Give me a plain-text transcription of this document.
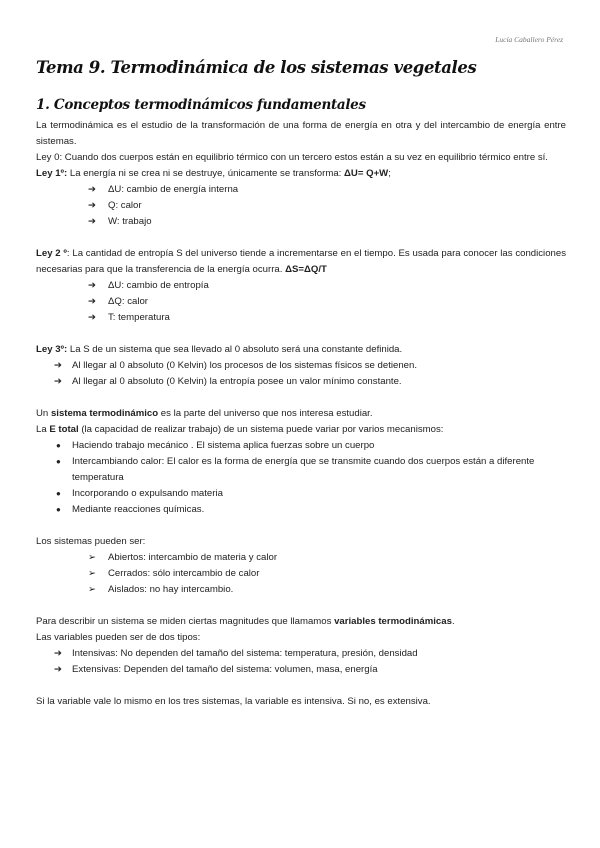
Lucía Caballero Pérez
Tema 9. Termodinámica de los sistemas vegetales
1. Conceptos termodinámicos fundamentales

La termodinámica es el estudio de la transformación de una forma de energía en otra y del intercambio de energía entre sistemas.

Ley 0: Cuando dos cuerpos están en equilibrio térmico con un tercero estos están a su vez en equilibrio térmico entre sí.

Ley 1º: La energía ni se crea ni se destruye, únicamente se transforma: ΔU= Q+W;

➔ ΔU: cambio de energía interna
➔ Q: calor
➔ W: trabajo

Ley 2 º: La cantidad de entropía S del universo tiende a incrementarse en el tiempo. Es usada para conocer las condiciones necesarias para que la transferencia de la energía ocurra. ΔS=ΔQ/T

➔ ΔU: cambio de entropía
➔ ΔQ: calor
➔ T: temperatura

Ley 3º: La S de un sistema que sea llevado al 0 absoluto será una constante definida.

➔ Al llegar al 0 absoluto (0 Kelvin) los procesos de los sistemas físicos se detienen.
➔ Al llegar al 0 absoluto (0 Kelvin) la entropía posee un valor mínimo constante.

Un sistema termodinámico es la parte del universo que nos interesa estudiar.

La E total (la capacidad de realizar trabajo) de un sistema puede variar por varios mecanismos:

● Haciendo trabajo mecánico . El sistema aplica fuerzas sobre un cuerpo
● Intercambiando calor: El calor es la forma de energía que se transmite cuando dos cuerpos están a diferente temperatura
● Incorporando o expulsando materia
● Mediante reacciones químicas.

Los sistemas pueden ser:

➢ Abiertos: intercambio de materia y calor
➢ Cerrados: sólo intercambio de calor
➢ Aislados: no hay intercambio.

Para describir un sistema se miden ciertas magnitudes que llamamos variables termodinámicas.

Las variables pueden ser de dos tipos:

➔ Intensivas: No dependen del tamaño del sistema: temperatura, presión, densidad
➔ Extensivas: Dependen del tamaño del sistema: volumen, masa, energía

Si la variable vale lo mismo en los tres sistemas, la variable es intensiva. Si no, es extensiva.
